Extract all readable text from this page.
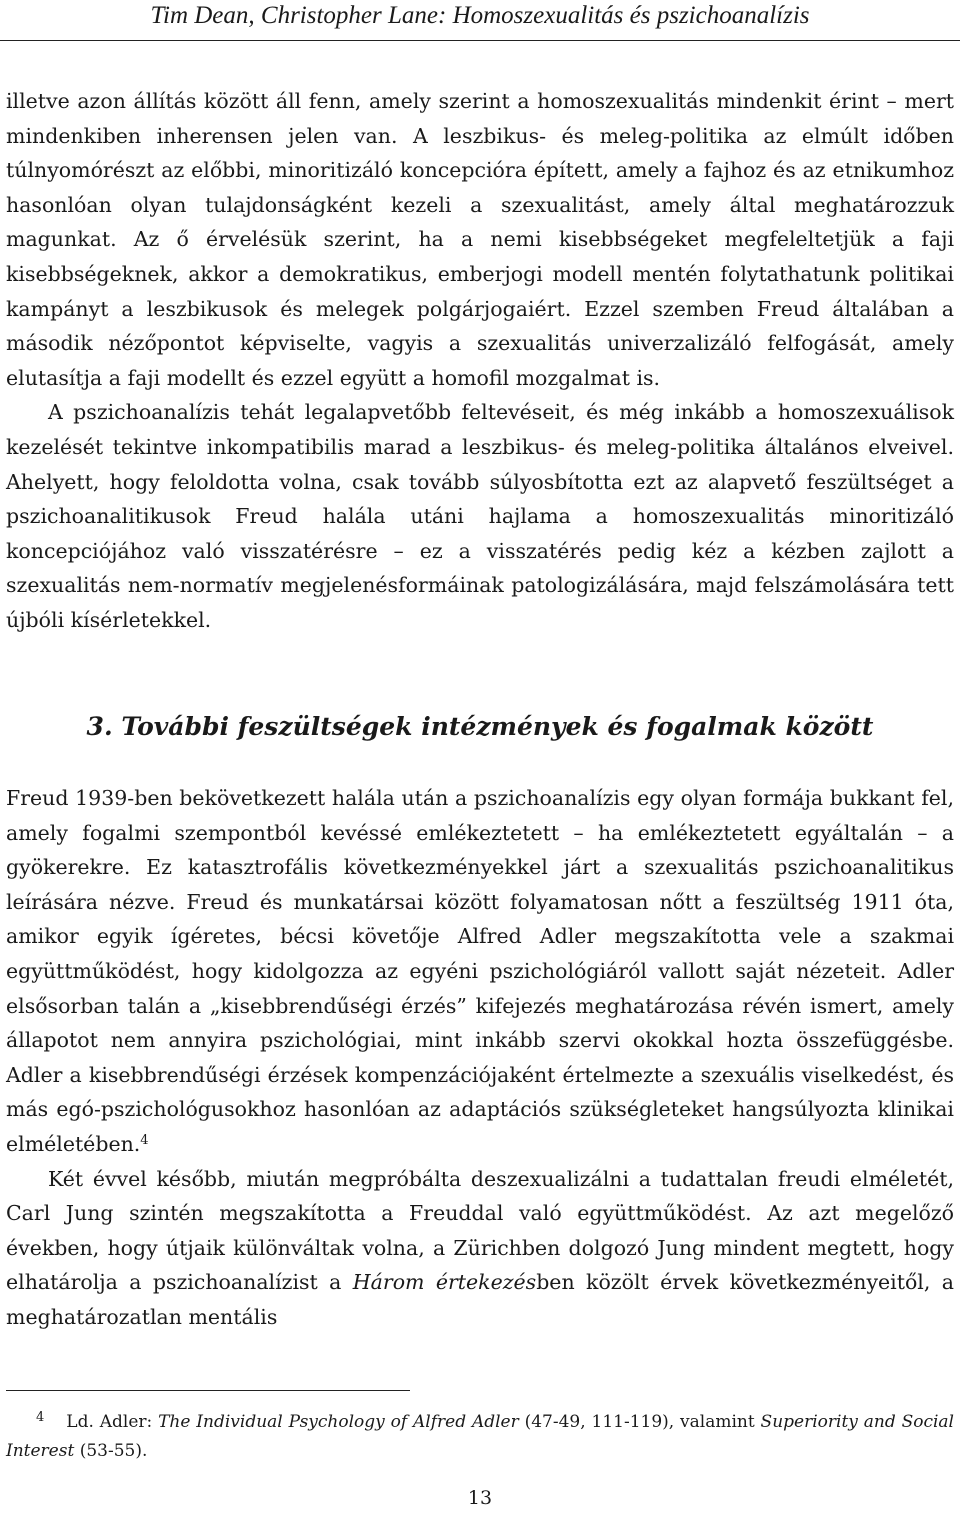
Tim Dean, Christopher Lane: Homoszexualitás és pszichoanalízis

illetve azon állítás között áll fenn, amely szerint a homoszexualitás mindenkit érint – mert mindenkiben inherensen jelen van. A leszbikus- és meleg-politika az elmúlt időben túlnyomórészt az előbbi, minoritizáló koncepcióra épített, amely a fajhoz és az etnikumhoz hasonlóan olyan tulajdonságként kezeli a szexualitást, amely által meghatározzuk magunkat. Az ő érvelésük szerint, ha a nemi kisebbségeket megfeleltetjük a faji kisebbségeknek, akkor a demokratikus, emberjogi modell mentén folytathatunk politikai kampányt a leszbikusok és melegek polgárjogaiért. Ezzel szemben Freud általában a második nézőpontot képviselte, vagyis a szexualitás univerzalizáló felfogását, amely elutasítja a faji modellt és ezzel együtt a homofil mozgalmat is.

A pszichoanalízis tehát legalapvetőbb feltevéseit, és még inkább a homoszexuálisok kezelését tekintve inkompatibilis marad a leszbikus- és meleg-politika általános elveivel. Ahelyett, hogy feloldotta volna, csak tovább súlyosbította ezt az alapvető feszültséget a pszichoanalitikusok Freud halála utáni hajlama a homoszexualitás minoritizáló koncepciójához való visszatérésre – ez a visszatérés pedig kéz a kézben zajlott a szexualitás nem-normatív megjelenésformáinak patologizálására, majd felszámolására tett újbóli kísérletekkel.

3. További feszültségek intézmények és fogalmak között

Freud 1939-ben bekövetkezett halála után a pszichoanalízis egy olyan formája bukkant fel, amely fogalmi szempontból kevéssé emlékeztetett – ha emlékeztetett egyáltalán – a gyökerekre. Ez katasztrofális következményekkel járt a szexualitás pszichoanalitikus leírására nézve. Freud és munkatársai között folyamatosan nőtt a feszültség 1911 óta, amikor egyik ígéretes, bécsi követője Alfred Adler megszakította vele a szakmai együttműködést, hogy kidolgozza az egyéni pszichológiáról vallott saját nézeteit. Adler elsősorban talán a „kisebbrendűségi érzés” kifejezés meghatározása révén ismert, amely állapotot nem annyira pszichológiai, mint inkább szervi okokkal hozta összefüggésbe. Adler a kisebbrendűségi érzések kompenzációjaként értelmezte a szexuális viselkedést, és más egó-pszichológusokhoz hasonlóan az adaptációs szükségleteket hangsúlyozta klinikai elméletében.$^4$

Két évvel később, miután megpróbálta deszexualizálni a tudattalan freudi elméletét, Carl Jung szintén megszakította a Freuddal való együttműködést. Az azt megelőző években, hogy útjaik különváltak volna, a Zürichben dolgozó Jung mindent megtett, hogy elhatárolja a pszichoanalízist a Három értekezésben közölt érvek következményeitől, a meghatározatlan mentális

$^4$ Ld. Adler: The Individual Psychology of Alfred Adler (47-49, 111-119), valamint Superiority and Social Interest (53-55).

13
